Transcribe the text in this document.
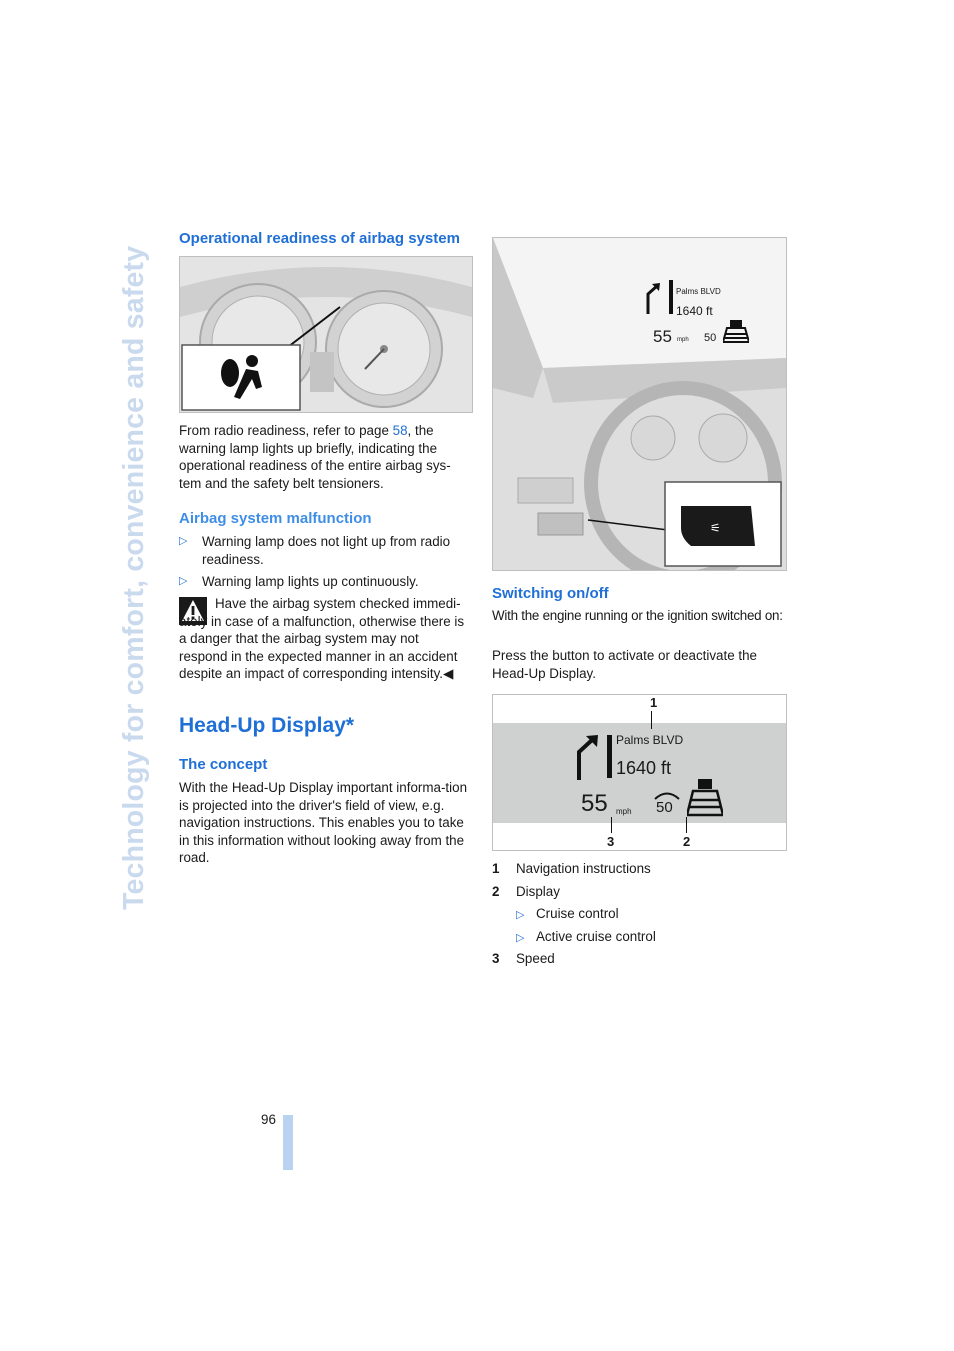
Technology for comfort, convenience and safety
Operational readiness of airbag system

From radio readiness, refer to page 58, the warning lamp lights up briefly, indicating the operational readiness of the entire airbag sys-tem and the safety belt tensioners.

Airbag system malfunction
▷	Warning lamp does not light up from radio readiness.
▷	Warning lamp lights up continuously.

Have the airbag system checked immedi-ately in case of a malfunction, otherwise there is a danger that the airbag system may not respond in the expected manner in an accident despite an impact of corresponding intensity.◀

Head-Up Display*
The concept

With the Head-Up Display important informa-tion is projected into the driver's field of view, e.g. navigation instructions. This enables you to take in this information without looking away from the road.

⚟
Palms BLVD
1640 ft
55 mph 50
Switching on/off

With the engine running or the ignition switched on:

Press the button to activate or deactivate the Head-Up Display.

Palms BLVD
1640 ft
55 mph 50
1
2
3
1 Navigation instructions
2 Display
▷ Cruise control
▷ Active cruise control
3 Speed
96
